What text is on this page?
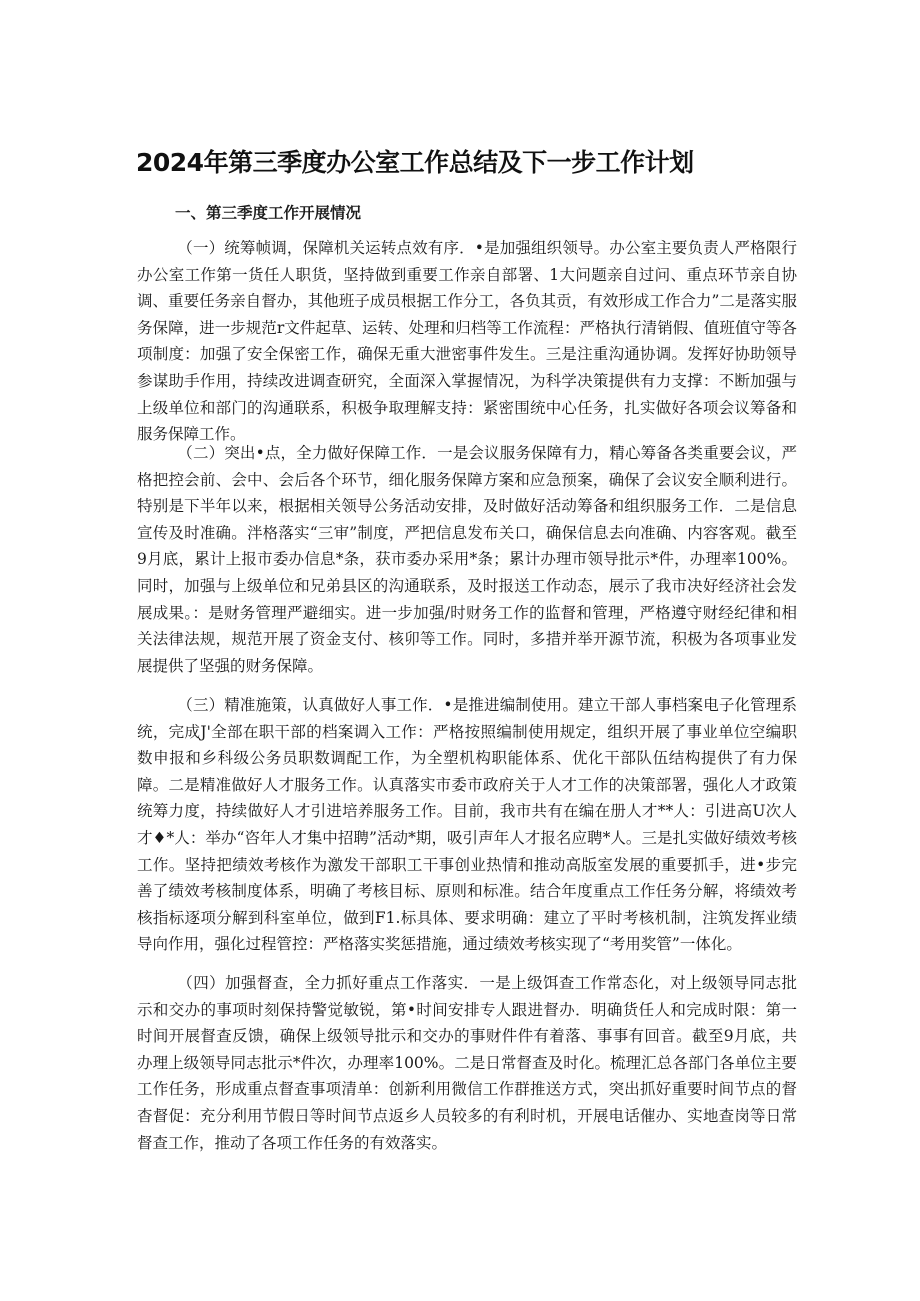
2024年第三季度办公室工作总结及下一步工作计划
一、第三季度工作开展情况

（一）统筹帧调，保障机关运转点效有序．•是加强组织领导。办公室主要负责人严格限行办公室工作第一货任人职货，坚持做到重要工作亲自部署、1大问题亲自过问、重点环节亲自协调、重要任务亲自督办，其他班子成员根据工作分工，各负其贡，有效形成工作合力”二是落实服务保障，进一步规范r文件起草、运转、处理和归档等工作流程：严格执行清销假、值班值守等各项制度：加强了安全保密工作，确保无重大泄密事件发生。三是注重沟通协调。发挥好协助领导参谋助手作用，持续改进调查研究，全面深入掌握情况，为科学决策提供有力支撑：不断加强与上级单位和部门的沟通联系，积极争取理解支持：紧密围统中心任务，扎实做好各项会议筹备和服务保障工作。

（二）突出•点，全力做好保障工作．一是会议服务保障有力，精心筹备各类重要会议，严格把控会前、会中、会后各个环节，细化服务保障方案和应急预案，确保了会议安全顺利进行。特别是下半年以来，根据相关领导公务活动安排，及时做好活动筹备和组织服务工作．二是信息宣传及时准确。泮格落实“三审”制度，严把信息发布关口，确保信息去向准确、内容客观。截至9月底，累计上报市委办信息*条，获市委办采用*条；累计办理市领导批示*件，办理率100%。同时，加强与上级单位和兄弟县区的沟通联系，及时报送工作动态，展示了我市决好经济社会发展成果。：是财务管理严避细实。进一步加强/时财务工作的监督和管理，严格遵守财经纪律和相关法律法规，规范开展了资金支付、核卯等工作。同时，多措并举开源节流，积极为各项事业发展提供了坚强的财务保障。

（三）精准施策，认真做好人事工作．•是推进编制使用。建立干部人事档案电子化管理系统，完成J'全部在职干部的档案调入工作：严格按照编制使用规定，组织开展了事业单位空编职数申报和乡科级公务员职数调配工作，为全塑机构职能体系、优化干部队伍结构提供了有力保障。二是精准做好人才服务工作。认真落实市委市政府关于人才工作的决策部署，强化人才政策统筹力度，持续做好人才引进培养服务工作。目前，我市共有在编在册人才**人：引进高U次人才♦*人：举办“咨年人才集中招聘”活动*期，吸引声年人才报名应聘*人。三是扎实做好绩效考核工作。坚持把绩效考核作为激发干部职工干事创业热情和推动高版室发展的重要抓手，进•步完善了绩效考核制度体系，明确了考核目标、原则和标准。结合年度重点工作任务分解，将绩效考核指标逐项分解到科室单位，做到F1.标具体、要求明确：建立了平时考核机制，注筑发挥业绩导向作用，强化过程管控：严格落实奖惩措施，通过绩效考核实现了“考用奖管”一体化。

（四）加强督查，全力抓好重点工作落实．一是上级饵查工作常态化，对上级领导同志批示和交办的事项时刻保持警觉敏锐，第•时间安排专人跟进督办．明确货任人和完成时限：第一时间开展督查反馈，确保上级领导批示和交办的事财件件有着落、事事有回音。截至9月底，共办理上级领导同志批示*件次，办理率100%。二是日常督查及时化。梳理汇总各部门各单位主要工作任务，形成重点督查事项清单：创新利用微信工作群推送方式，突出抓好重要时间节点的督杳督促：充分利用节假日等时间节点返乡人员较多的有利时机，开展电话催办、实地查岗等日常督查工作，推动了各项工作任务的有效落实。
